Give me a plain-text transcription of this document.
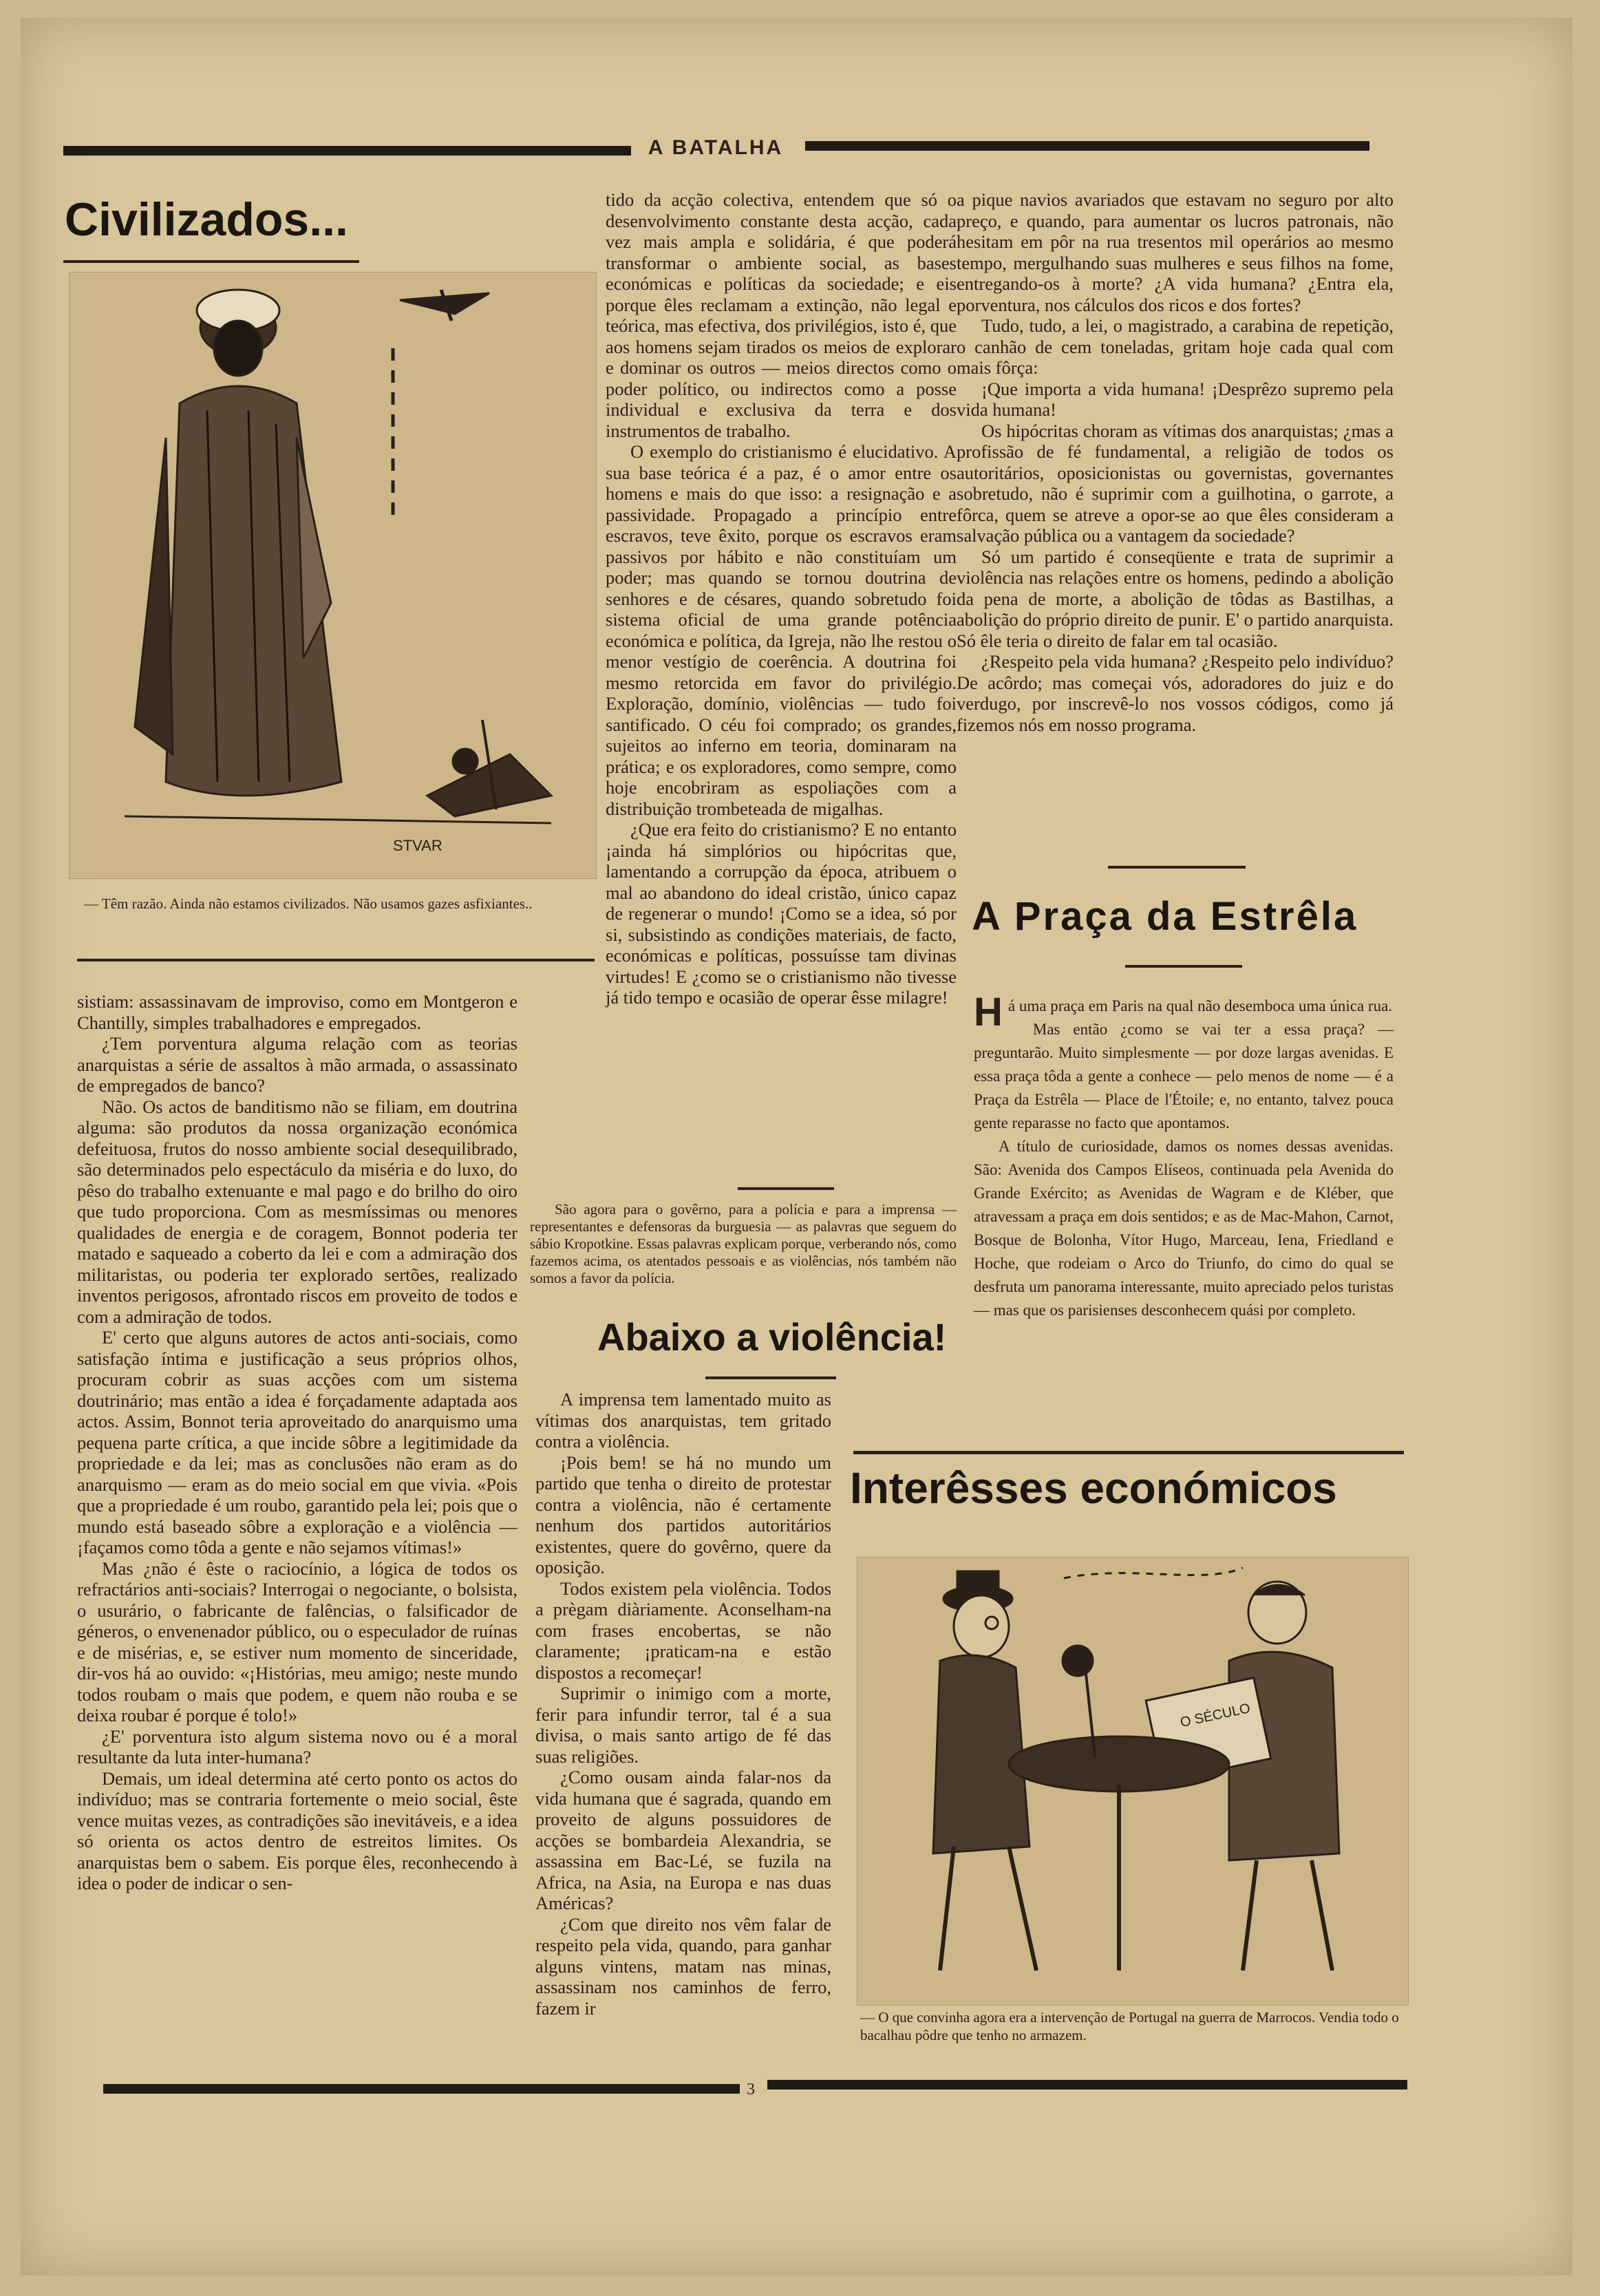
A BATALHA
Civilizados...
STVAR
— Têm razão. Ainda não estamos civilizados. Não usamos gazes asfixiantes..

sistiam: assassinavam de improviso, como em Montgeron e Chantilly, simples trabalhadores e empregados.

¿Tem porventura alguma relação com as teorias anarquistas a série de assaltos à mão armada, o assassinato de empregados de banco?

Não. Os actos de banditismo não se filiam, em doutrina alguma: são produtos da nossa organização económica defeituosa, frutos do nosso ambiente social desequilibrado, são determinados pelo espectáculo da miséria e do luxo, do pêso do trabalho extenuante e mal pago e do brilho do oiro que tudo proporciona. Com as mesmíssimas ou menores qualidades de energia e de coragem, Bonnot poderia ter matado e saqueado a coberto da lei e com a admiração dos militaristas, ou poderia ter explorado sertões, realizado inventos perigosos, afrontado riscos em proveito de todos e com a admiração de todos.

E' certo que alguns autores de actos anti-sociais, como satisfação íntima e justificação a seus próprios olhos, procuram cobrir as suas acções com um sistema doutrinário; mas então a idea é forçadamente adaptada aos actos. Assim, Bonnot teria aproveitado do anarquismo uma pequena parte crítica, a que incide sôbre a legitimidade da propriedade e da lei; mas as conclusões não eram as do anarquismo — eram as do meio social em que vivia. «Pois que a propriedade é um roubo, garantido pela lei; pois que o mundo está baseado sôbre a exploração e a violência — ¡façamos como tôda a gente e não sejamos vítimas!»

Mas ¿não é êste o raciocínio, a lógica de todos os refractários anti-sociais? Interrogai o negociante, o bolsista, o usurário, o fabricante de falências, o falsificador de géneros, o envenenador público, ou o especulador de ruínas e de misérias, e, se estiver num momento de sinceridade, dir-vos há ao ouvido: «¡Histórias, meu amigo; neste mundo todos roubam o mais que podem, e quem não rouba e se deixa roubar é porque é tolo!»

¿E' porventura isto algum sistema novo ou é a moral resultante da luta inter-humana?

Demais, um ideal determina até certo ponto os actos do indivíduo; mas se contraria fortemente o meio social, êste vence muitas vezes, as contradições são inevitáveis, e a idea só orienta os actos dentro de estreitos limites. Os anarquistas bem o sabem. Eis porque êles, reconhecendo à idea o poder de indicar o sen-

tido da acção colectiva, entendem que só o desenvolvimento constante desta acção, cada vez mais ampla e solidária, é que poderá transformar o ambiente social, as bases económicas e políticas da sociedade; e eis porque êles reclamam a extinção, não legal e teórica, mas efectiva, dos privilégios, isto é, que aos homens sejam tirados os meios de explorar e dominar os outros — meios directos como o poder político, ou indirectos como a posse individual e exclusiva da terra e dos instrumentos de trabalho.

O exemplo do cristianismo é elucidativo. A sua base teórica é a paz, é o amor entre os homens e mais do que isso: a resignação e a passividade. Propagado a princípio entre escravos, teve êxito, porque os escravos eram passivos por hábito e não constituíam um poder; mas quando se tornou doutrina de senhores e de césares, quando sobretudo foi sistema oficial de uma grande potência económica e política, da Igreja, não lhe restou o menor vestígio de coerência. A doutrina foi mesmo retorcida em favor do privilégio. Exploração, domínio, violências — tudo foi santificado. O céu foi comprado; os grandes, sujeitos ao inferno em teoria, dominaram na prática; e os exploradores, como sempre, como hoje encobriram as espoliações com a distribuição trombeteada de migalhas.

¿Que era feito do cristianismo? E no entanto ¡ainda há simplórios ou hipócritas que, lamentando a corrupção da época, atribuem o mal ao abandono do ideal cristão, único capaz de regenerar o mundo! ¡Como se a idea, só por si, subsistindo as condições materiais, de facto, económicas e políticas, possuísse tam divinas virtudes! E ¿como se o cristianismo não tivesse já tido tempo e ocasião de operar êsse milagre!

São agora para o govêrno, para a polícia e para a imprensa — representantes e defensoras da burguesia — as palavras que seguem do sábio Kropotkine. Essas palavras explicam porque, verberando nós, como fazemos acima, os atentados pessoais e as violências, nós também não somos a favor da polícia.

Abaixo a violência!

A imprensa tem lamentado muito as vítimas dos anarquistas, tem gritado contra a violência.

¡Pois bem! se há no mundo um partido que tenha o direito de protestar contra a violência, não é certamente nenhum dos partidos autoritários existentes, quere do govêrno, quere da oposição.

Todos existem pela violência. Todos a prègam diàriamente. Aconselham-na com frases encobertas, se não claramente; ¡praticam-na e estão dispostos a recomeçar!

Suprimir o inimigo com a morte, ferir para infundir terror, tal é a sua divisa, o mais santo artigo de fé das suas religiões.

¿Como ousam ainda falar-nos da vida humana que é sagrada, quando em proveito de alguns possuidores de acções se bombardeia Alexandria, se assassina em Bac-Lé, se fuzila na Africa, na Asia, na Europa e nas duas Américas?

¿Com que direito nos vêm falar de respeito pela vida, quando, para ganhar alguns vintens, matam nas minas, assassinam nos caminhos de ferro, fazem ir

a pique navios avariados que estavam no seguro por alto preço, e quando, para aumentar os lucros patronais, não hesitam em pôr na rua tresentos mil operários ao mesmo tempo, mergulhando suas mulheres e seus filhos na fome, entregando-os à morte? ¿A vida humana? ¿Entra ela, porventura, nos cálculos dos ricos e dos fortes?

Tudo, tudo, a lei, o magistrado, a carabina de repetição, o canhão de cem toneladas, gritam hoje cada qual com mais fôrça:

¡Que importa a vida humana! ¡Desprêzo supremo pela vida humana!

Os hipócritas choram as vítimas dos anarquistas; ¿mas a profissão de fé fundamental, a religião de todos os autoritários, oposicionistas ou governistas, governantes sobretudo, não é suprimir com a guilhotina, o garrote, a fôrca, quem se atreve a opor-se ao que êles consideram a salvação pública ou a vantagem da sociedade?

Só um partido é conseqüente e trata de suprimir a violência nas relações entre os homens, pedindo a abolição da pena de morte, a abolição de tôdas as Bastilhas, a abolição do próprio direito de punir. E' o partido anarquista. Só êle teria o direito de falar em tal ocasião.

¿Respeito pela vida humana? ¿Respeito pelo indivíduo? De acôrdo; mas começai vós, adoradores do juiz e do verdugo, por inscrevê-lo nos vossos códigos, como já fizemos nós em nosso programa.

A Praça da Estrêla

Há uma praça em Paris na qual não desemboca uma única rua.

Mas então ¿como se vai ter a essa praça? — preguntarão. Muito simplesmente — por doze largas avenidas. E essa praça tôda a gente a conhece — pelo menos de nome — é a Praça da Estrêla — Place de l'Étoile; e, no entanto, talvez pouca gente reparasse no facto que apontamos.

A título de curiosidade, damos os nomes dessas avenidas. São: Avenida dos Campos Elíseos, continuada pela Avenida do Grande Exército; as Avenidas de Wagram e de Kléber, que atravessam a praça em dois sentidos; e as de Mac-Mahon, Carnot, Bosque de Bolonha, Vítor Hugo, Marceau, Iena, Friedland e Hoche, que rodeiam o Arco do Triunfo, do cimo do qual se desfruta um panorama interessante, muito apreciado pelos turistas — mas que os parisienses desconhecem quási por completo.

Interêsses económicos
O SÉCULO
— O que convinha agora era a intervenção de Portugal na guerra de Marrocos. Vendia todo o bacalhau pôdre que tenho no armazem.
3
